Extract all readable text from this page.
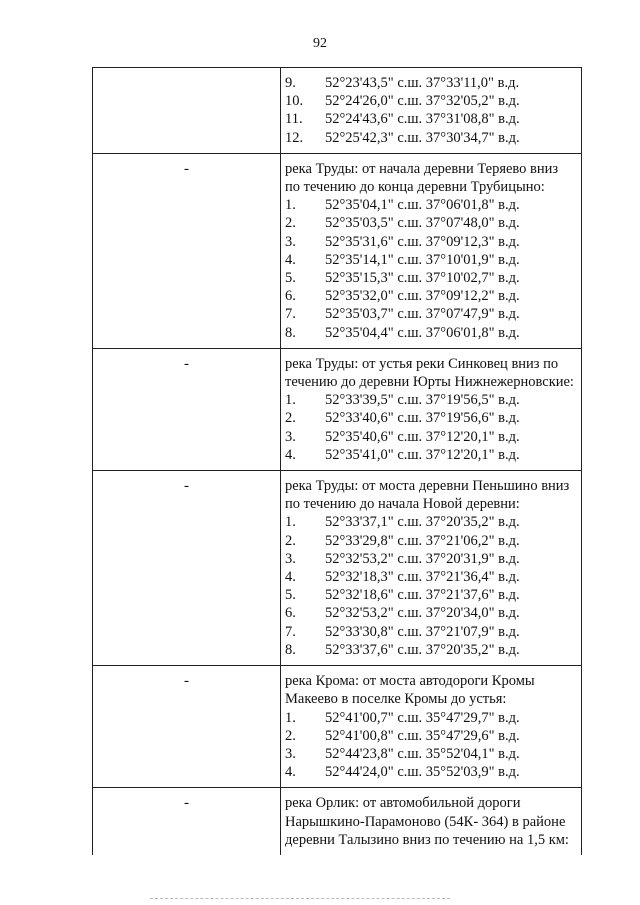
92
9.	52°23'43,5" с.ш. 37°33'11,0" в.д.
10.	52°24'26,0" с.ш. 37°32'05,2" в.д.
11.	52°24'43,6" с.ш. 37°31'08,8" в.д.
12.	52°25'42,3" с.ш. 37°30'34,7" в.д.
-	река Труды: от начала деревни Теряево вниз по течению до конца деревни Трубицыно:

1.	52°35'04,1" с.ш. 37°06'01,8" в.д.
2.	52°35'03,5" с.ш. 37°07'48,0" в.д.
3.	52°35'31,6" с.ш. 37°09'12,3" в.д.
4.	52°35'14,1" с.ш. 37°10'01,9" в.д.
5.	52°35'15,3" с.ш. 37°10'02,7" в.д.
6.	52°35'32,0" с.ш. 37°09'12,2" в.д.
7.	52°35'03,7" с.ш. 37°07'47,9" в.д.
8.	52°35'04,4" с.ш. 37°06'01,8" в.д.
-	река Труды: от устья реки Синковец вниз по течению до деревни Юрты Нижнежерновские:

1.	52°33'39,5" с.ш. 37°19'56,5" в.д.
2.	52°33'40,6" с.ш. 37°19'56,6" в.д.
3.	52°35'40,6" с.ш. 37°12'20,1" в.д.
4.	52°35'41,0" с.ш. 37°12'20,1" в.д.
-	река Труды: от моста деревни Пеньшино вниз по течению до начала Новой деревни:

1.	52°33'37,1" с.ш. 37°20'35,2" в.д.
2.	52°33'29,8" с.ш. 37°21'06,2" в.д.
3.	52°32'53,2" с.ш. 37°20'31,9" в.д.
4.	52°32'18,3" с.ш. 37°21'36,4" в.д.
5.	52°32'18,6" с.ш. 37°21'37,6" в.д.
6.	52°32'53,2" с.ш. 37°20'34,0" в.д.
7.	52°33'30,8" с.ш. 37°21'07,9" в.д.
8.	52°33'37,6" с.ш. 37°20'35,2" в.д.
-	река Крома: от моста автодороги Кромы Макеево в поселке Кромы до устья:

1.	52°41'00,7" с.ш. 35°47'29,7" в.д.
2.	52°41'00,8" с.ш. 35°47'29,6" в.д.
3.	52°44'23,8" с.ш. 35°52'04,1" в.д.
4.	52°44'24,0" с.ш. 35°52'03,9" в.д.
-	река Орлик: от автомобильной дороги Нарышкино-Парамоново (54К- 364) в районе деревни Талызино вниз по течению на 1,5 км:
